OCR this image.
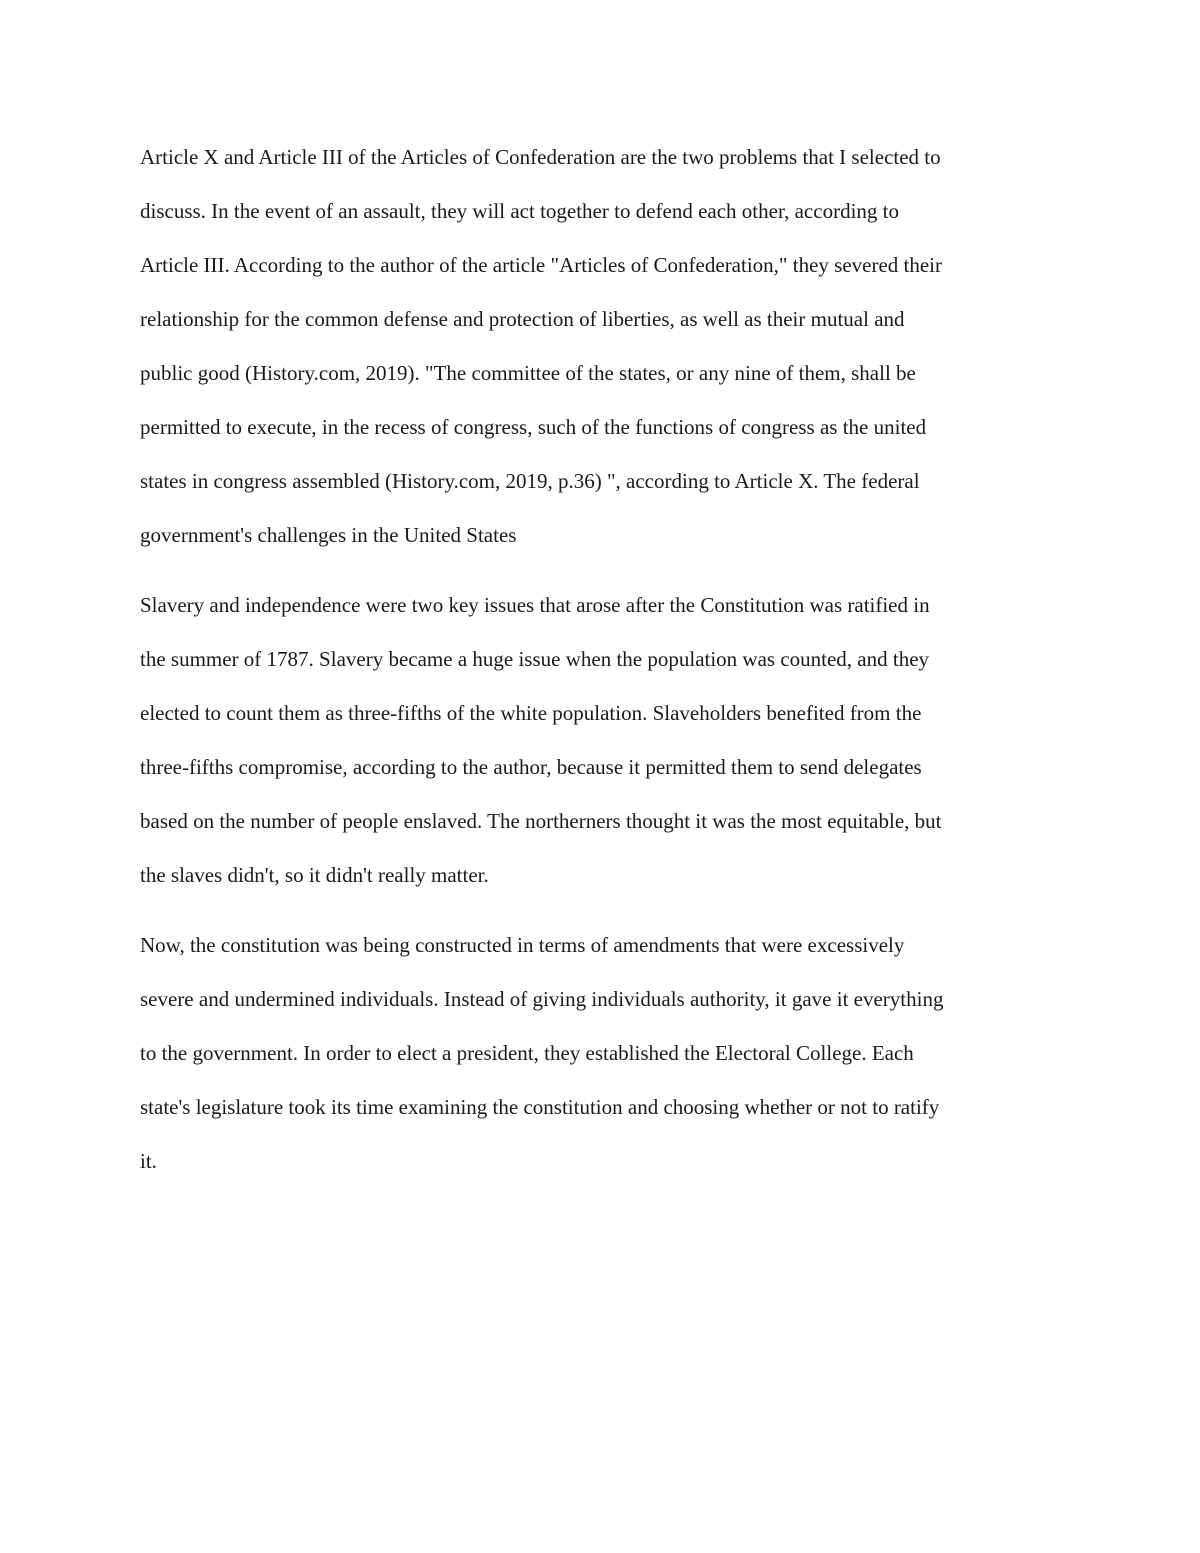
Article X and Article III of the Articles of Confederation are the two problems that I selected to
discuss. In the event of an assault, they will act together to defend each other, according to
Article III. According to the author of the article "Articles of Confederation," they severed their
relationship for the common defense and protection of liberties, as well as their mutual and
public good (History.com, 2019). "The committee of the states, or any nine of them, shall be
permitted to execute, in the recess of congress, such of the functions of congress as the united
states in congress assembled (History.com, 2019, p.36) ", according to Article X. The federal
government's challenges in the United States
Slavery and independence were two key issues that arose after the Constitution was ratified in
the summer of 1787. Slavery became a huge issue when the population was counted, and they
elected to count them as three-fifths of the white population. Slaveholders benefited from the
three-fifths compromise, according to the author, because it permitted them to send delegates
based on the number of people enslaved. The northerners thought it was the most equitable, but
the slaves didn't, so it didn't really matter.
Now, the constitution was being constructed in terms of amendments that were excessively
severe and undermined individuals. Instead of giving individuals authority, it gave it everything
to the government. In order to elect a president, they established the Electoral College. Each
state's legislature took its time examining the constitution and choosing whether or not to ratify
it.
